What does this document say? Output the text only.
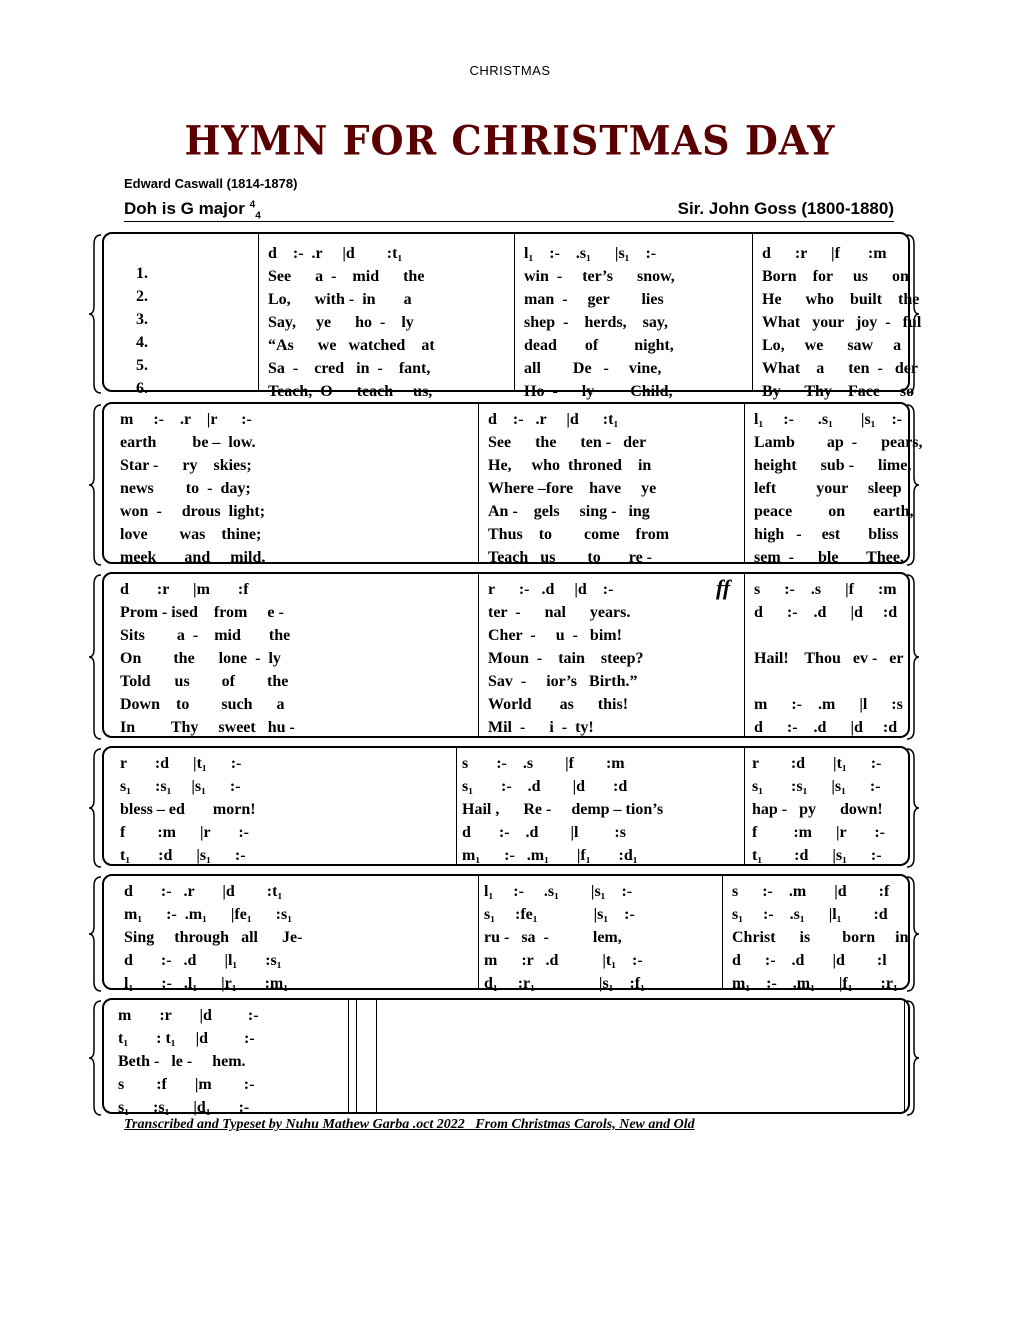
CHRISTMAS
HYMN FOR CHRISTMAS DAY
Edward Caswall (1814-1878)
Doh is G major $^4_4$	Sir. John Goss (1800-1880)
1.
2.
3.
4.
5.
6.
d    :-  .r     |d        :t₁
See      a  -    mid      the
Lo,      with -  in       a
Say,     ye      ho  -    ly
“As      we   watched    at
Sa  -    cred   in  -    fant,
Teach,  O      teach     us,
l₁    :-    .s₁      |s₁    :-
win  -     ter’s      snow,
man  -     ger        lies
shep  -    herds,    say,
dead       of         night,
all        De   -     vine,
Ho  -      ly         Child,
d      :r      |f       :m
Born    for     us      on
He      who    built    the
What   your   joy  -   ful
Lo,     we      saw     a
What    a      ten  -   der
By      Thy    Face     so
m     :-    .r    |r      :-
earth         be –  low.
Star -      ry    skies;
news        to  -  day;
won  -     drous  light;
love        was    thine;
meek       and     mild,
d    :-   .r     |d      :t₁
See      the      ten -   der
He,     who  throned    in
Where –fore    have     ye
An -    gels     sing -   ing
Thus    to        come    from
Teach   us        to       re -
l₁     :-      .s₁       |s₁    :-
Lamb        ap  -      pears,
height      sub -      lime,
left          your     sleep
peace         on       earth,
high   -     est       bliss
sem  -      ble       Thee,
d       :r      |m       :f
Prom - ised    from     e -
Sits        a  -    mid       the
On        the      lone  -  ly
Told      us        of        the
Down    to        such      a
In         Thy     sweet   hu -
r      :-   .d     |d    :-
ter  -      nal      years.
Cher  -     u  -   bim!
Moun  -    tain    steep?
Sav  -     ior’s   Birth.”
World       as      this!
Mil  -      i  -  ty!
s      :-    .s      |f      :m
d      :-    .d      |d     :d
Hail!    Thou   ev -   er
m      :-    .m      |l      :s
d      :-    .d      |d     :d
ff
r       :d      |t₁      :-
s₁      :s₁     |s₁      :-
bless – ed       morn!
f        :m      |r       :-
t₁       :d      |s₁      :-
s       :-    .s        |f        :m
s₁       :-    .d        |d       :d
Hail ,      Re -     demp – tion’s
d       :-    .d        |l         :s
m₁      :-   .m₁       |f₁       :d₁
r        :d       |t₁      :-
s₁       :s₁      |s₁      :-
hap -   py      down!
f         :m      |r       :-
t₁        :d      |s₁      :-
d       :-   .r       |d        :t₁
m₁      :-  .m₁      |fe₁      :s₁
Sing     through   all      Je-
d       :-   .d       |l₁       :s₁
l₁       :-   .l₁      |r₁       :m₁
l₁     :-     .s₁        |s₁    :-
s₁     :fe₁              |s₁    :-
ru -   sa  -           lem,
m      :r   .d           |t₁    :-
d₁     :r₁                |s₁    :f₁
s      :-    .m       |d        :f
s₁     :-    .s₁      |l₁        :d
Christ      is        born     in
d      :-    .d       |d        :l
m₁    :-    .m₁      |f₁       :r₁
m       :r       |d         :-
t₁       : t₁     |d         :-
Beth -   le -     hem.
s        :f       |m        :-
s₁      :s₁      |d₁       :-
Transcribed and Typeset by Nuhu Mathew Garba .oct 2022   From Christmas Carols, New and Old
